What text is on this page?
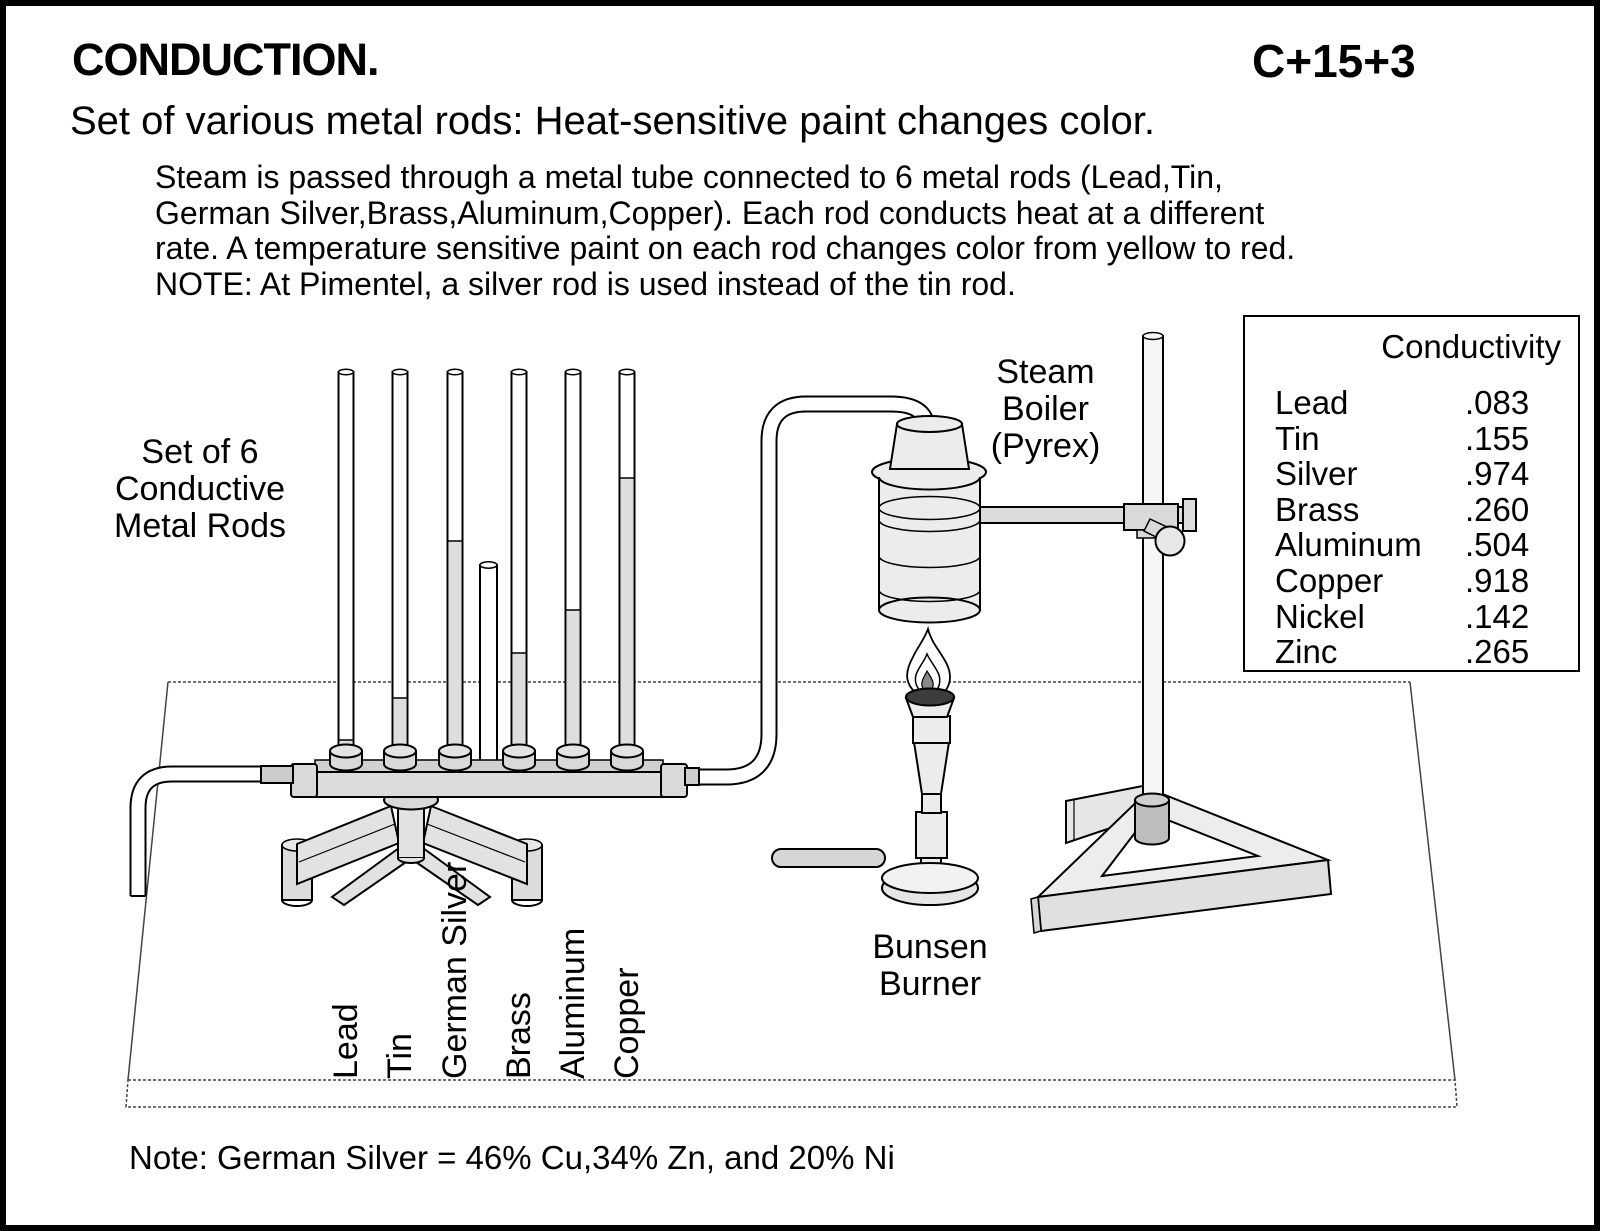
CONDUCTION.	C+15+3
Set of various metal rods: Heat-sensitive paint changes color.
Steam is passed through a metal tube connected to 6 metal rods (Lead,Tin,
German Silver,Brass,Aluminum,Copper). Each rod conducts heat at a different
rate. A temperature sensitive paint on each rod changes color from yellow to red.
NOTE: At Pimentel, a silver rod is used instead of the tin rod.
Set of 6
Conductive
Metal Rods
Steam
Boiler
(Pyrex)
Bunsen
Burner
Lead Tin German Silver Brass Aluminum Copper
Conductivity
Lead	.083
Tin	.155
Silver	.974
Brass	.260
Aluminum	.504
Copper	.918
Nickel	.142
Zinc	.265
Note: German Silver = 46% Cu,34% Zn, and 20% Ni
